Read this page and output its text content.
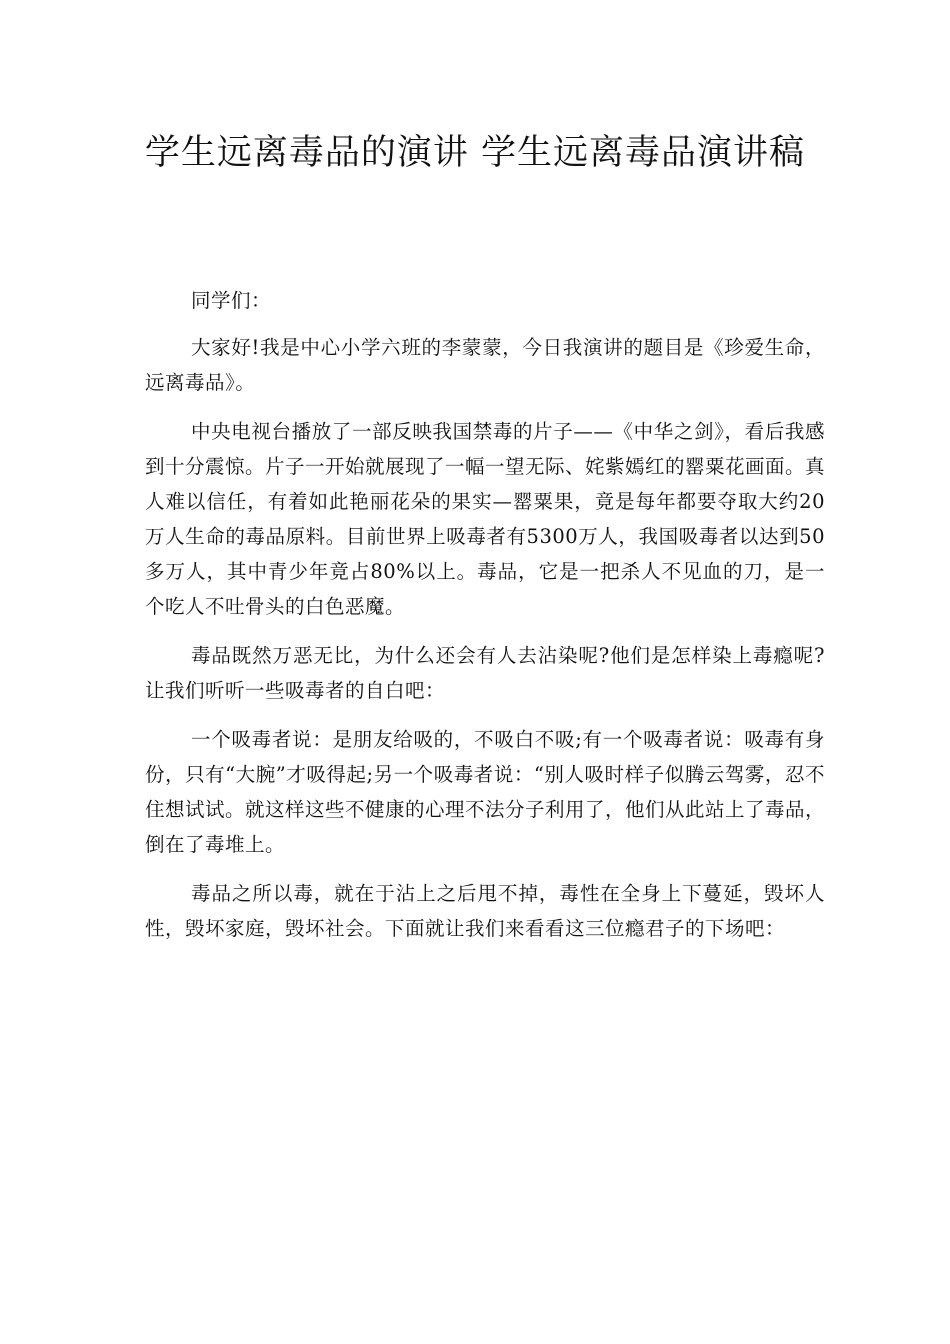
学生远离毒品的演讲 学生远离毒品演讲稿

同学们：

大家好!我是中心小学六班的李蒙蒙，今日我演讲的题目是《珍爱生命，远离毒品》。

中央电视台播放了一部反映我国禁毒的片子——《中华之剑》，看后我感到十分震惊。片子一开始就展现了一幅一望无际、姹紫嫣红的罂粟花画面。真人难以信任，有着如此艳丽花朵的果实—罂粟果，竟是每年都要夺取大约20万人生命的毒品原料。目前世界上吸毒者有5300万人，我国吸毒者以达到50多万人，其中青少年竟占80%以上。毒品，它是一把杀人不见血的刀，是一个吃人不吐骨头的白色恶魔。

毒品既然万恶无比，为什么还会有人去沾染呢?他们是怎样染上毒瘾呢?让我们听听一些吸毒者的自白吧：

一个吸毒者说：是朋友给吸的，不吸白不吸;有一个吸毒者说：吸毒有身份，只有“大腕”才吸得起;另一个吸毒者说：“别人吸时样子似腾云驾雾，忍不住想试试。就这样这些不健康的心理不法分子利用了，他们从此站上了毒品，倒在了毒堆上。

毒品之所以毒，就在于沾上之后甩不掉，毒性在全身上下蔓延，毁坏人性，毁坏家庭，毁坏社会。下面就让我们来看看这三位瘾君子的下场吧：
